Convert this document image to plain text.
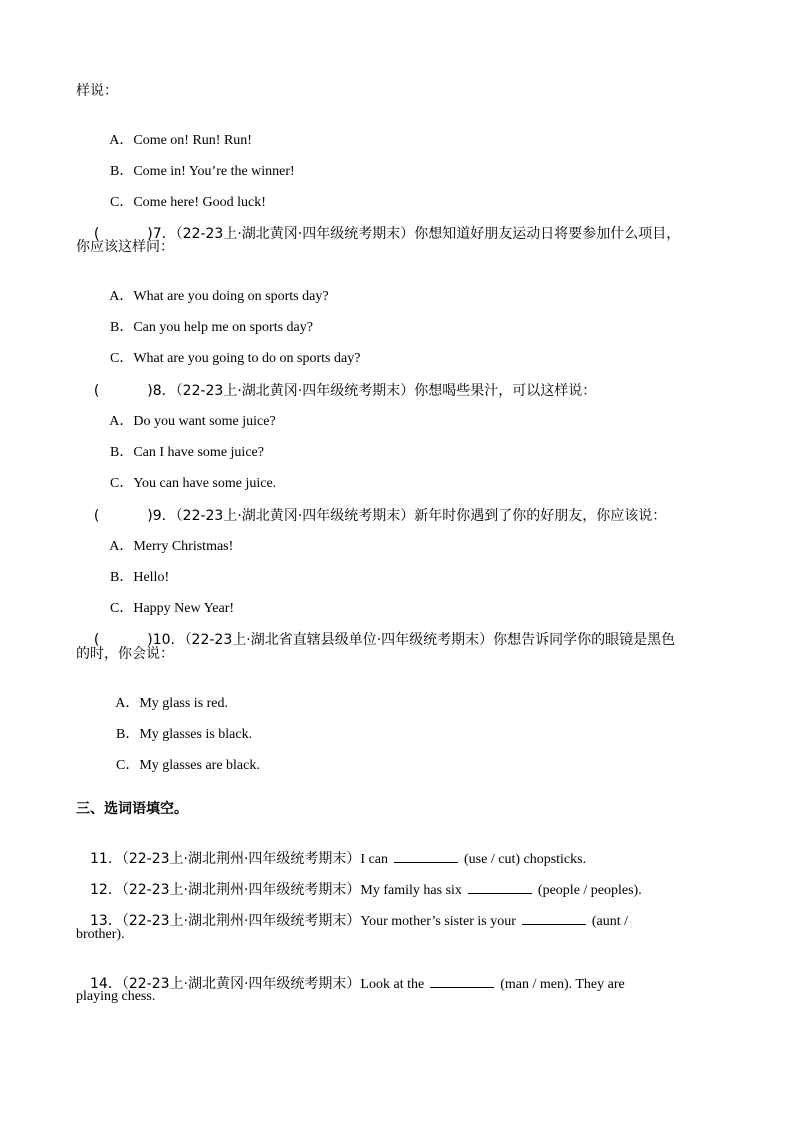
样说：

A．Come on! Run! Run!

B．Come in! You’re the winner!

C．Come here! Good luck!

(	)7．（22-23上·湖北黄冈·四年级统考期末）你想知道好朋友运动日将要参加什么项目，

你应该这样问：

A．What are you doing on sports day?

B．Can you help me on sports day?

C．What are you going to do on sports day?

(	)8．（22-23上·湖北黄冈·四年级统考期末）你想喝些果汁，可以这样说：

A．Do you want some juice?

B．Can I have some juice?

C．You can have some juice.

(	)9．（22-23上·湖北黄冈·四年级统考期末）新年时你遇到了你的好朋友，你应该说：

A．Merry Christmas!

B．Hello!

C．Happy New Year!

(	)10．（22-23上·湖北省直辖县级单位·四年级统考期末）你想告诉同学你的眼镜是黑色

的时，你会说：

A．My glass is red.

B．My glasses is black.

C．My glasses are black.

三、选词语填空。

11．（22-23上·湖北荆州·四年级统考期末）I can	(use / cut) chopsticks.

12．（22-23上·湖北荆州·四年级统考期末）My family has six	(people / peoples).

13．（22-23上·湖北荆州·四年级统考期末）Your mother’s sister is your	(aunt /

brother).

14．（22-23上·湖北黄冈·四年级统考期末）Look at the	(man / men). They are

playing chess.
